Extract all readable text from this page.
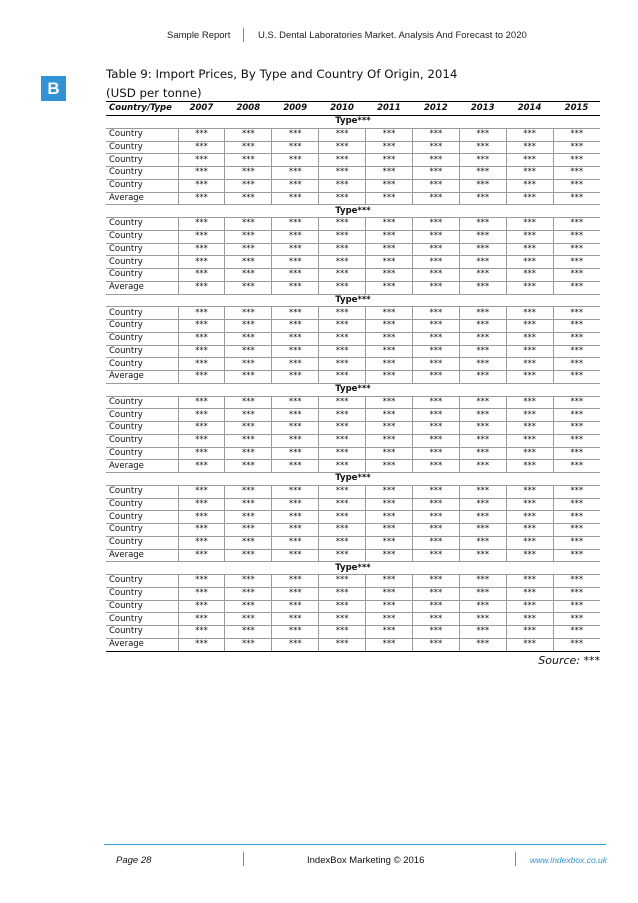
Sample Report	U.S. Dental Laboratories Market. Analysis And Forecast to 2020
B
Table 9: Import Prices, By Type and Country Of Origin, 2014
(USD per tonne)
Country/Type	2007	2008	2009	2010	2011	2012	2013	2014	2015
Type***									
Country	***	***	***	***	***	***	***	***	***
Country	***	***	***	***	***	***	***	***	***
Country	***	***	***	***	***	***	***	***	***
Country	***	***	***	***	***	***	***	***	***
Country	***	***	***	***	***	***	***	***	***
Average	***	***	***	***	***	***	***	***	***
Type***									
Country	***	***	***	***	***	***	***	***	***
Country	***	***	***	***	***	***	***	***	***
Country	***	***	***	***	***	***	***	***	***
Country	***	***	***	***	***	***	***	***	***
Country	***	***	***	***	***	***	***	***	***
Average	***	***	***	***	***	***	***	***	***
Type***									
Country	***	***	***	***	***	***	***	***	***
Country	***	***	***	***	***	***	***	***	***
Country	***	***	***	***	***	***	***	***	***
Country	***	***	***	***	***	***	***	***	***
Country	***	***	***	***	***	***	***	***	***
Average	***	***	***	***	***	***	***	***	***
Type***									
Country	***	***	***	***	***	***	***	***	***
Country	***	***	***	***	***	***	***	***	***
Country	***	***	***	***	***	***	***	***	***
Country	***	***	***	***	***	***	***	***	***
Country	***	***	***	***	***	***	***	***	***
Average	***	***	***	***	***	***	***	***	***
Type***									
Country	***	***	***	***	***	***	***	***	***
Country	***	***	***	***	***	***	***	***	***
Country	***	***	***	***	***	***	***	***	***
Country	***	***	***	***	***	***	***	***	***
Country	***	***	***	***	***	***	***	***	***
Average	***	***	***	***	***	***	***	***	***
Type***									
Country	***	***	***	***	***	***	***	***	***
Country	***	***	***	***	***	***	***	***	***
Country	***	***	***	***	***	***	***	***	***
Country	***	***	***	***	***	***	***	***	***
Country	***	***	***	***	***	***	***	***	***
Average	***	***	***	***	***	***	***	***	***
Source: ***
Page 28	IndexBox Marketing © 2016	www.indexbox.co.uk
